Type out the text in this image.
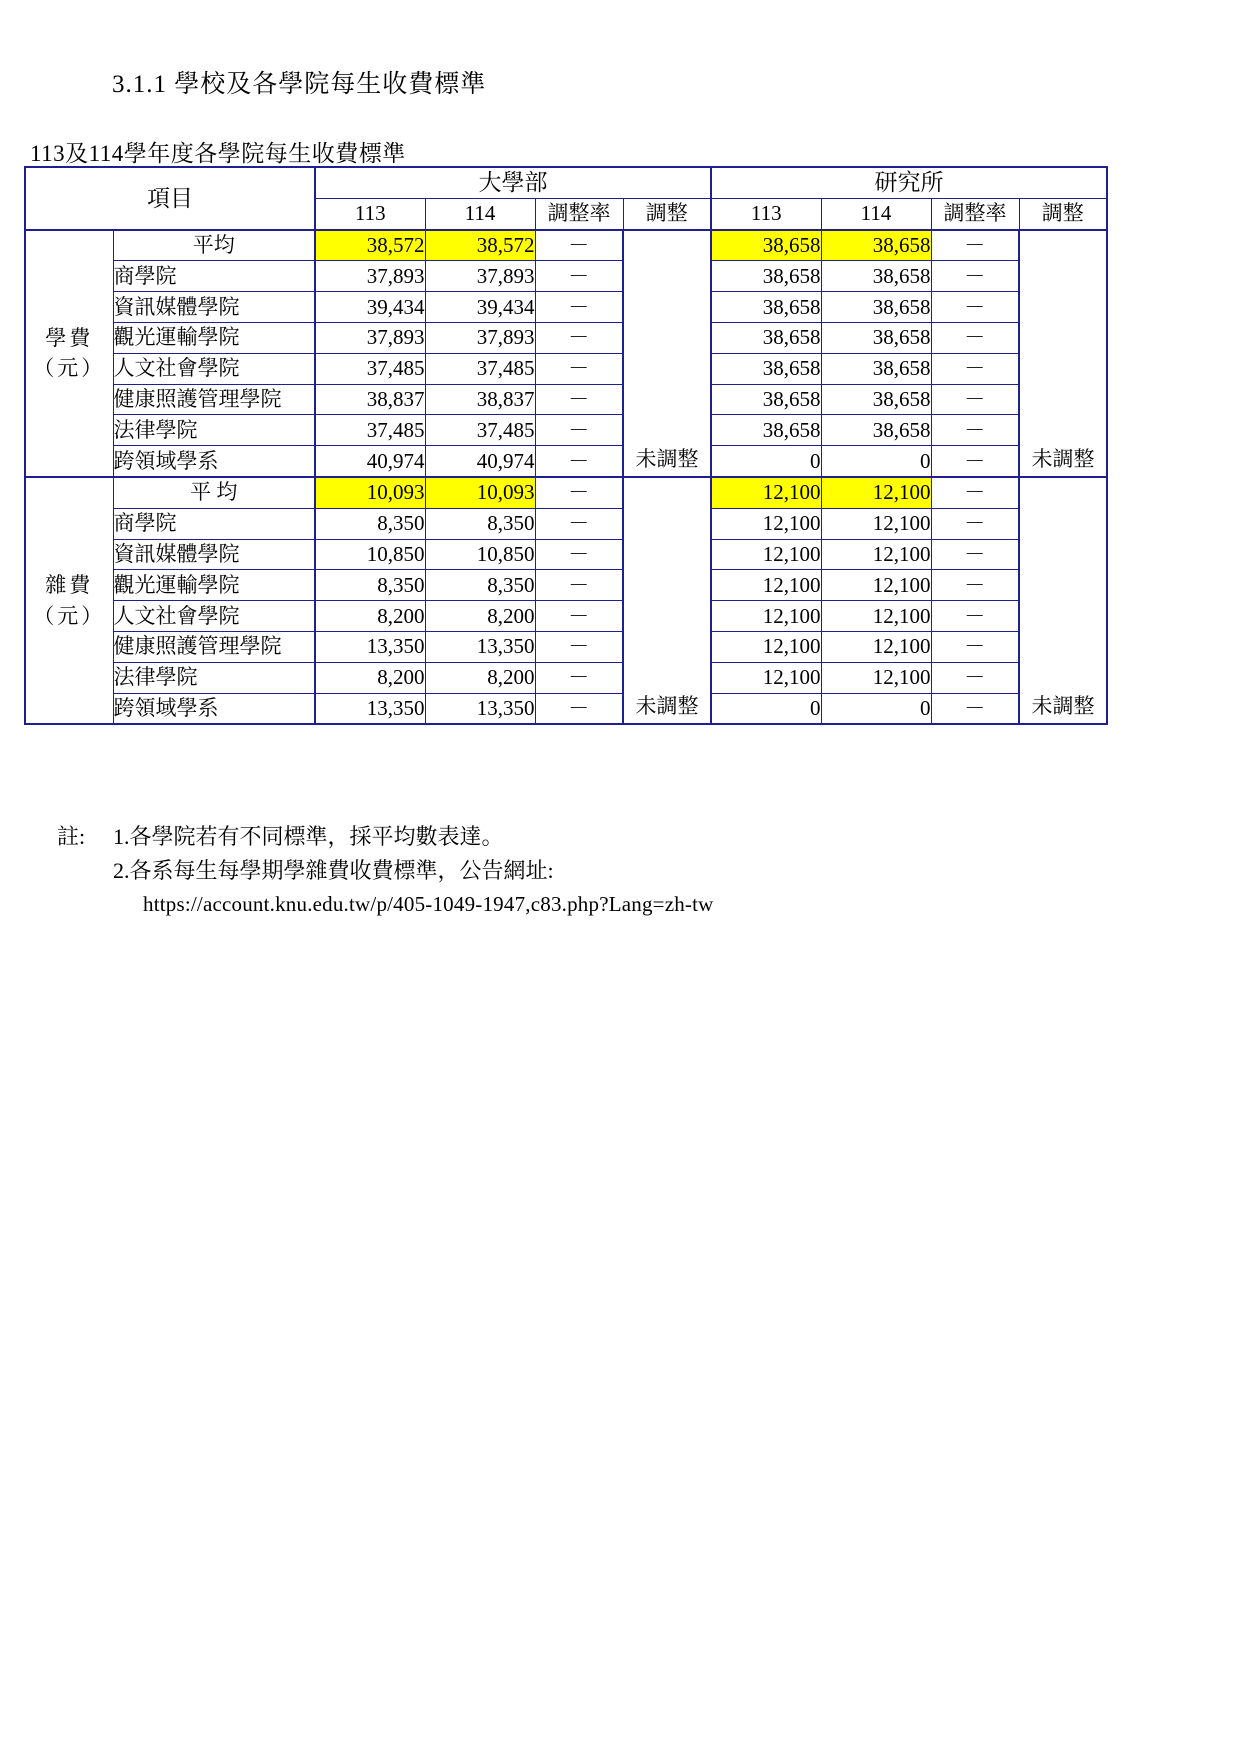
3.1.1 學校及各學院每生收費標準
113及114學年度各學院每生收費標準
項目		大學部				研究所			
		113	114	調整率	調整	113	114	調整率	調整

學費
（元）	平均	38,572	38,572	－	未調整	38,658	38,658	－	未調整
	商學院	37,893	37,893	－		38,658	38,658	－	
	資訊媒體學院	39,434	39,434	－		38,658	38,658	－	
	觀光運輸學院	37,893	37,893	－		38,658	38,658	－	
	人文社會學院	37,485	37,485	－		38,658	38,658	－	
	健康照護管理學院	38,837	38,837	－		38,658	38,658	－	
	法律學院	37,485	37,485	－		38,658	38,658	－	
	跨領域學系	40,974	40,974	－		0	0	－	

雜費
（元）	平 均	10,093	10,093	－	未調整	12,100	12,100	－	未調整
	商學院	8,350	8,350	－		12,100	12,100	－	
	資訊媒體學院	10,850	10,850	－		12,100	12,100	－	
	觀光運輸學院	8,350	8,350	－		12,100	12,100	－	
	人文社會學院	8,200	8,200	－		12,100	12,100	－	
	健康照護管理學院	13,350	13,350	－		12,100	12,100	－	
	法律學院	8,200	8,200	－		12,100	12,100	－	
	跨領域學系	13,350	13,350	－		0	0	－	
註:	1.各學院若有不同標準，採平均數表達。
2.各系每生每學期學雜費收費標準，公告網址:
https://account.knu.edu.tw/p/405-1049-1947,c83.php?Lang=zh-tw
